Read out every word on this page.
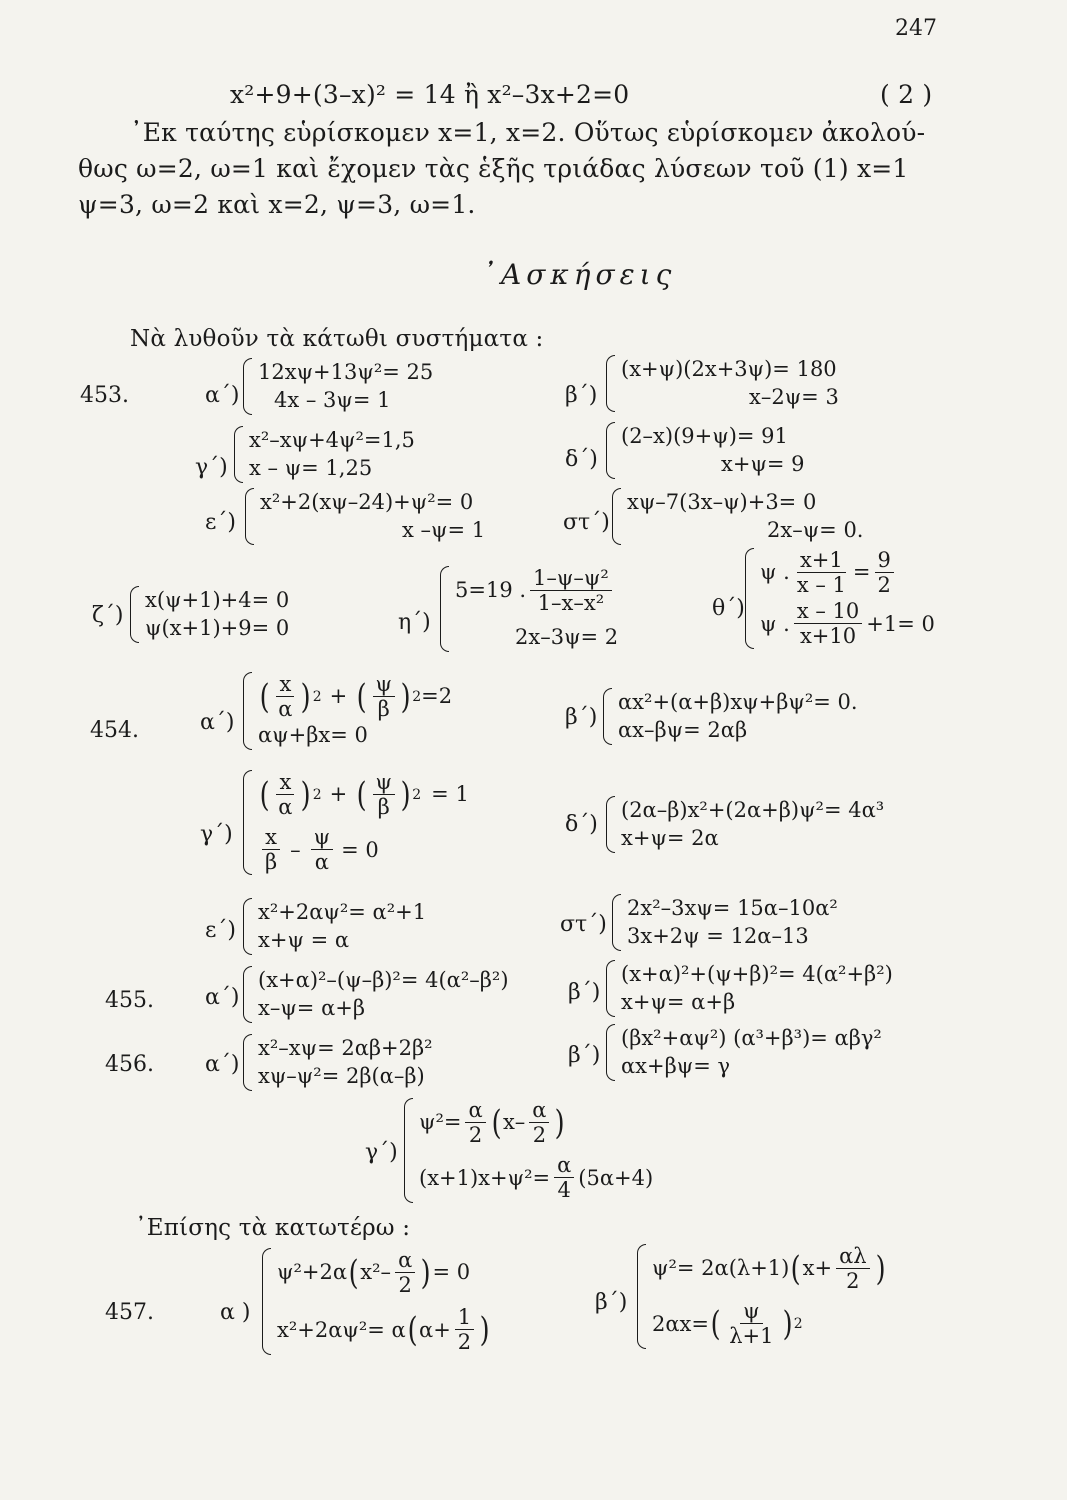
247
x²+9+(3–x)² = 14 ἢ x²–3x+2=0	( 2 )
᾿Εκ ταύτης εὑρίσκομεν x=1, x=2. Οὕτως εὑρίσκομεν ἀκολού-
θως ω=2, ω=1 καὶ ἔχομεν τὰς ἑξῆς τριάδας λύσεων τοῦ (1) x=1
ψ=3, ω=2 καὶ x=2, ψ=3, ω=1.
᾿Ασκήσεις
Νὰ λυθοῦν τὰ κάτωθι συστήματα :
453.	α΄)
12xψ+13ψ²= 25
4x – 3ψ= 1	β΄)
(x+ψ)(2x+3ψ)= 180
x–2ψ= 3
γ΄)
x²–xψ+4ψ²=1,5
x – ψ= 1,25	δ΄)
(2–x)(9+ψ)= 91
x+ψ= 9
ε΄)
x²+2(xψ–24)+ψ²= 0
x –ψ= 1	στ΄)
xψ–7(3x–ψ)+3= 0
2x–ψ= 0.
ζ΄)
x(ψ+1)+4= 0
ψ(x+1)+9= 0	η΄)
5=19 . $\frac{\text{1–ψ–ψ²}}{\text{1–x–x²}}$
2x–3ψ= 2
θ΄)
ψ . $\frac{x+1}{x - 1} = \frac{9}{2}$
ψ . $\frac{x - 10}{x+10} +1= 0$
454.	α΄)
( $\frac{x}{\alpha}$ ) 2 + ( $\frac{\psi}{\beta}$ ) 2 =2
αψ+βx= 0
β΄)
αx²+(α+β)xψ+βψ²= 0.
αx–βψ= 2αβ
γ΄)
( $\frac{x}{\alpha}$ ) 2 + ( $\frac{\psi}{\beta}$ ) 2 = 1
$\frac{x}{\beta} - \frac{\psi}{\alpha} = 0$
δ΄)
(2α–β)x²+(2α+β)ψ²= 4α³
x+ψ= 2α
ε΄)
x²+2αψ²= α²+1
x+ψ = α
στ΄)
2x²–3xψ= 15α–10α²
3x+2ψ = 12α–13
455. α΄)
(x+α)²–(ψ–β)²= 4(α²–β²)
x–ψ= α+β
β΄)
(x+α)²+(ψ+β)²= 4(α²+β²)
x+ψ= α+β
456. α΄)
x²–xψ= 2αβ+2β²
xψ–ψ²= 2β(α–β)
β΄)
(βx²+αψ²) (α³+β³)= αβγ²
αx+βψ= γ
γ΄)
$\psi^2= \frac{\alpha}{2}$ ( $x- \frac{\alpha}{2}$ )
$(x+1)x+\psi^2= \frac{\alpha}{4} (5\alpha+4)$
᾿Επίσης τὰ κατωτέρω :
457.	α )
ψ²+2α ( $x^2- \frac{\alpha}{2}$ ) = 0
x²+2αψ²= α ( $\alpha+ \frac{1}{2}$ )
β΄)
ψ²= 2α(λ+1) ( $x+ \frac{\alpha\lambda}{2}$ )
2αx= ( $\frac{\psi}{\lambda+1}$ ) 2
